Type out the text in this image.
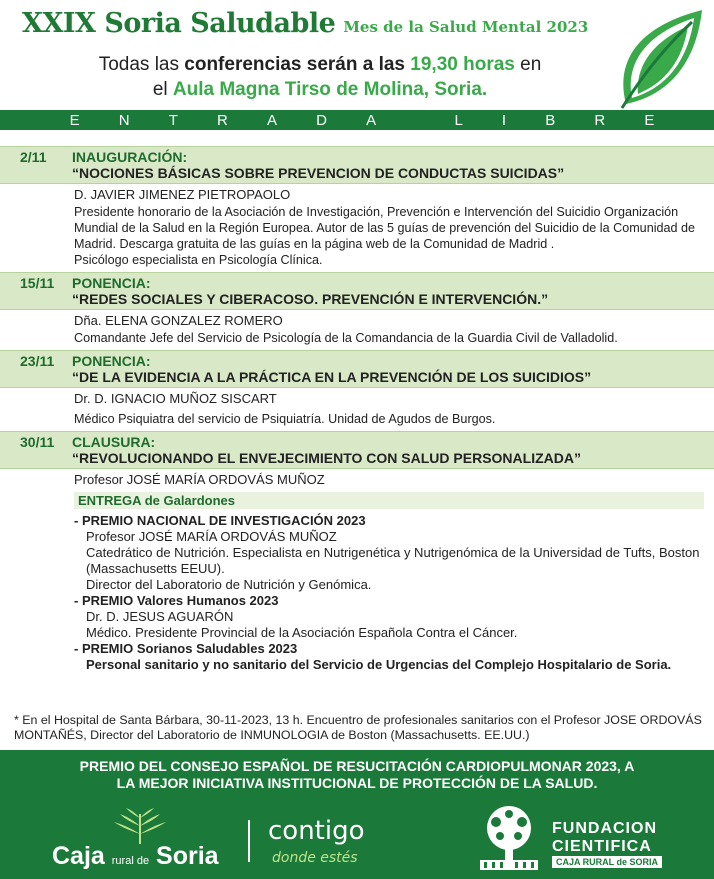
XXIX Soria Saludable Mes de la Salud Mental 2023
Todas las conferencias serán a las 19,30 horas en
el Aula Magna Tirso de Molina, Soria.
E	N	T	R	A	D	A	L	I	B	R	E
2/11	INAUGURACIÓN:
“NOCIONES BÁSICAS SOBRE PREVENCION DE CONDUCTAS SUICIDAS”
D. JAVIER JIMENEZ PIETROPAOLO
Presidente honorario de la Asociación de Investigación, Prevención e Intervención del Suicidio Organización Mundial de la Salud en la Región Europea. Autor de las 5 guías de prevención del Suicidio de la Comunidad de Madrid. Descarga gratuita de las guías en la página web de la Comunidad de Madrid .
Psicólogo especialista en Psicología Clínica.
15/11	PONENCIA:
“REDES SOCIALES Y CIBERACOSO. PREVENCIÓN E INTERVENCIÓN.”
Dña. ELENA GONZALEZ ROMERO
Comandante Jefe del Servicio de Psicología de la Comandancia de la Guardia Civil de Valladolid.
23/11	PONENCIA:
“DE LA EVIDENCIA A LA PRÁCTICA EN LA PREVENCIÓN DE LOS SUICIDIOS”
Dr. D. IGNACIO MUÑOZ SISCART
Médico Psiquiatra del servicio de Psiquiatría. Unidad de Agudos de Burgos.
30/11	CLAUSURA:
“REVOLUCIONANDO EL ENVEJECIMIENTO CON SALUD PERSONALIZADA”
Profesor JOSÉ MARÍA ORDOVÁS MUÑOZ
ENTREGA de Galardones
- PREMIO NACIONAL DE INVESTIGACIÓN 2023
Profesor JOSÉ MARÍA ORDOVÁS MUÑOZ
Catedrático de Nutrición. Especialista en Nutrigenética y Nutrigenómica de la Universidad de Tufts, Boston (Massachusetts EEUU).
Director del Laboratorio de Nutrición y Genómica.
- PREMIO Valores Humanos 2023
Dr. D. JESUS AGUARÓN
Médico. Presidente Provincial de la Asociación Española Contra el Cáncer.
- PREMIO Sorianos Saludables 2023
Personal sanitario y no sanitario del Servicio de Urgencias del Complejo Hospitalario de Soria.
* En el Hospital de Santa Bárbara, 30-11-2023, 13 h. Encuentro de profesionales sanitarios con el Profesor JOSE ORDOVÁS MONTAÑÉS, Director del Laboratorio de INMUNOLOGIA de Boston (Massachusetts. EE.UU.)
PREMIO DEL CONSEJO ESPAÑOL DE RESUCITACIÓN CARDIOPULMONAR 2023, A
LA MEJOR INICIATIVA INSTITUCIONAL DE PROTECCIÓN DE LA SALUD.
Caja rural de Soria
contigo
donde estés
FUNDACION
CIENTIFICA
CAJA RURAL de SORIA
